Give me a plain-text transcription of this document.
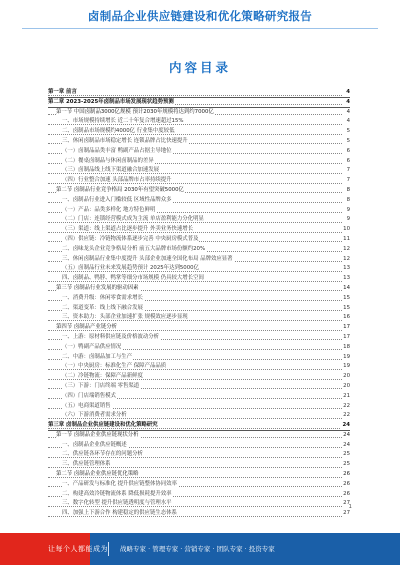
卤制品企业供应链建设和优化策略研究报告
内容目录
第一章 前言	4
第二章 2023-2025年卤制品市场发展现状趋势预测	4
第一节 中国卤制品3000亿规模 预计2030年规模将达到约7000亿	4
一、市场规模持续增长 近二十年复合增速超过15%	4
二、卤制品市场规模约4000亿 行业集中度较低	5
三、休闲卤制品市场稳定增长 连锁品牌占比快速提升	5
（一）卤制品品类丰富 鸭副产品占据主导地位	6
（二）餐桌卤制品与休闲卤制品的差异	6
（三）卤制品线上线下渠道融合加速发展	7
（四）行业整合加速 头部品牌市占率持续提升	7
第二节 卤制品行业竞争格局 2030年有望突破5000亿	8
一、卤制品行业进入门槛较低 区域性品牌众多	8
（一）产品：品类多样化 地方特色鲜明	9
（二）门店：连锁经营模式成为主流 单店盈利能力分化明显	9
（三）渠道：线上渠道占比逐步提升 外卖业务快速增长	10
（四）供应链：冷链物流体系逐步完善 中央厨房模式普及	11
二、卤味龙头企业竞争格局分析 前五大品牌市场份额约20%	12
三、休闲卤制品行业集中度提升 头部企业加速全国化布局 品牌效应显著	12
（五）卤制品行业未来发展趋势预计 2025年达到5000亿	13
四、卤制品、鸭脖、鸭掌等细分市场规模 仍具较大增长空间	13
第三节 卤制品行业发展的驱动因素	14
一、消费升级：休闲零食需求增长	15
二、渠道变革：线上线下融合发展	15
三、资本助力：头部企业加速扩张 规模效应逐步显现	16
第四节 卤制品产业链分析	17
一、上游：原材料供应链及价格波动分析	17
（一）鸭副产品供应情况	18
二、中游：卤制品加工与生产	19
（一）中央厨房：标准化生产 保障产品品质	19
（二）冷链物流：保障产品新鲜度	20
（三）下游：门店终端 零售渠道	20
（四）门店端销售模式	21
（五）电商渠道销售	22
（六）下游消费者需求分析	22
第三章 卤制品企业供应链建设和优化策略研究	24
第一节 卤制品企业供应链现状分析	24
一、卤制品企业供应链概述	24
二、供应链各环节存在的问题分析	25
三、供应链管理体系	25
第二节 卤制品企业供应链优化策略	26
一、产品研发与标准化 提升供应链整体协同效率	26
二、构建高效冷链物流体系 降低损耗提升效率	26
三、数字化转型 提升供应链透明度与管理水平	27
四、加强上下游合作 构建稳定的供应链生态体系	27
1
让每个人都能成为 战略专家 · 管理专家 · 营销专家 · 团队专家 · 投资专家
